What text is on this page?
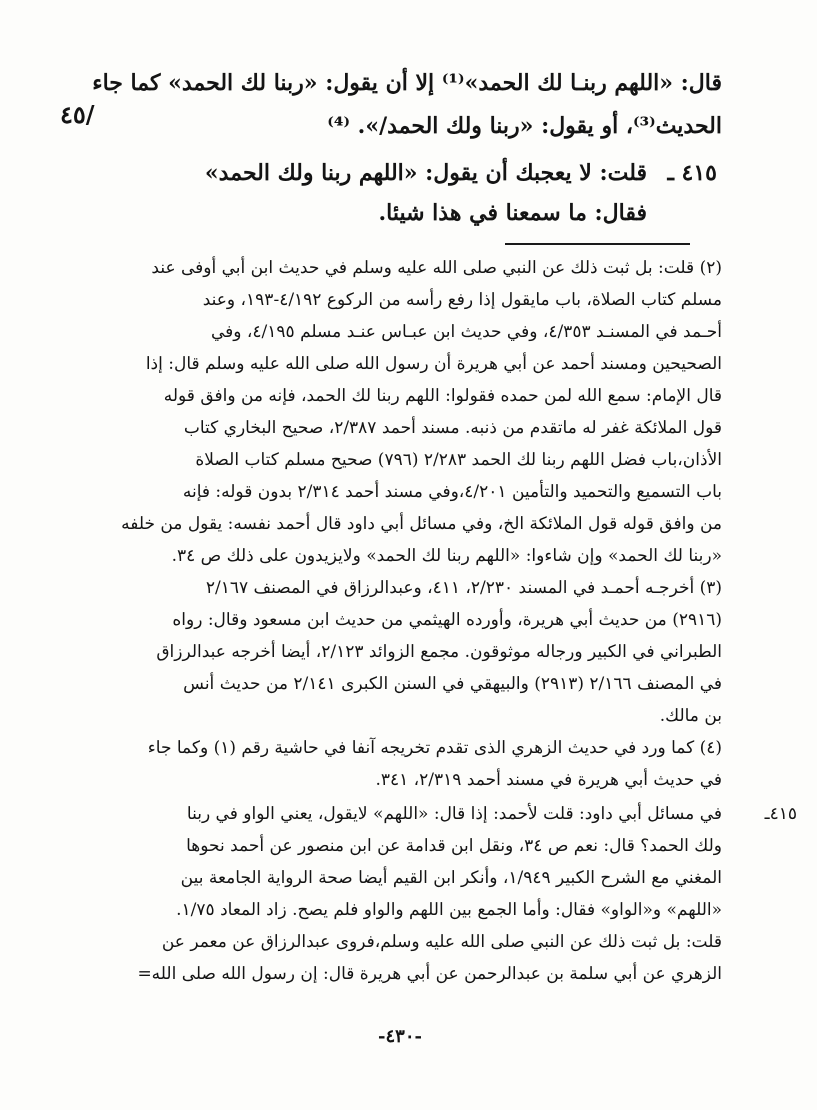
٤٥/
قال: «اللهم ربنـا لك الحمد»⁽¹⁾ إلا أن يقول: «ربنا لك الحمد» كما جاء
الحديث⁽³⁾، أو يقول: «ربنا ولك الحمد/». ⁽⁴⁾
٤١٥ ـ
قلت: لا يعجبك أن يقول: «اللهم ربنا ولك الحمد»
فقال: ما سمعنا في هذا شيئا.
(٢) قلت: بل ثبت ذلك عن النبي صلى الله عليه وسلم في حديث ابن أبي أوفى عند
مسلم كتاب الصلاة، باب مايقول إذا رفع رأسه من الركوع ٤/١٩٢-١٩٣، وعند
أحـمد في المسنـد ٤/٣٥٣، وفي حديث ابن عبـاس عنـد مسلم ٤/١٩٥، وفي
الصحيحين ومسند أحمد عن أبي هريرة أن رسول الله صلى الله عليه وسلم قال: إذا
قال الإمام: سمع الله لمن حمده فقولوا: اللهم ربنا لك الحمد، فإنه من وافق قوله
قول الملائكة غفر له ماتقدم من ذنبه. مسند أحمد ٢/٣٨٧، صحيح البخاري كتاب
الأذان،باب فضل اللهم ربنا لك الحمد ٢/٢٨٣ (٧٩٦) صحيح مسلم كتاب الصلاة
باب التسميع والتحميد والتأمين ٤/٢٠١،وفي مسند أحمد ٢/٣١٤ بدون قوله: فإنه
من وافق قوله قول الملائكة الخ، وفي مسائل أبي داود قال أحمد نفسه: يقول من خلفه
«ربنا لك الحمد» وإن شاءوا: «اللهم ربنا لك الحمد» ولايزيدون على ذلك ص ٣٤.
(٣) أخرجـه أحمـد في المسند ٢/٢٣٠، ٤١١، وعبدالرزاق في المصنف ٢/١٦٧
(٢٩١٦) من حديث أبي هريرة، وأورده الهيثمي من حديث ابن مسعود وقال: رواه
الطبراني في الكبير ورجاله موثوقون. مجمع الزوائد ٢/١٢٣، أيضا أخرجه عبدالرزاق
في المصنف ٢/١٦٦ (٢٩١٣) والبيهقي في السنن الكبرى ٢/١٤١ من حديث أنس
بن مالك.
(٤) كما ورد في حديث الزهري الذى تقدم تخريجه آنفا في حاشية رقم (١) وكما جاء
في حديث أبي هريرة في مسند أحمد ٢/٣١٩، ٣٤١.
٤١٥ـ
في مسائل أبي داود: قلت لأحمد: إذا قال: «اللهم» لايقول، يعني الواو في ربنا
ولك الحمد؟ قال: نعم ص ٣٤، ونقل ابن قدامة عن ابن منصور عن أحمد نحوها
المغني مع الشرح الكبير ١/٩٤٩، وأنكر ابن القيم أيضا صحة الرواية الجامعة بين
«اللهم» و«الواو» فقال: وأما الجمع بين اللهم والواو فلم يصح. زاد المعاد ١/٧٥.
قلت: بل ثبت ذلك عن النبي صلى الله عليه وسلم،فروى عبدالرزاق عن معمر عن
الزهري عن أبي سلمة بن عبدالرحمن عن أبي هريرة قال: إن رسول الله صلى الله=
-٤٣٠-
